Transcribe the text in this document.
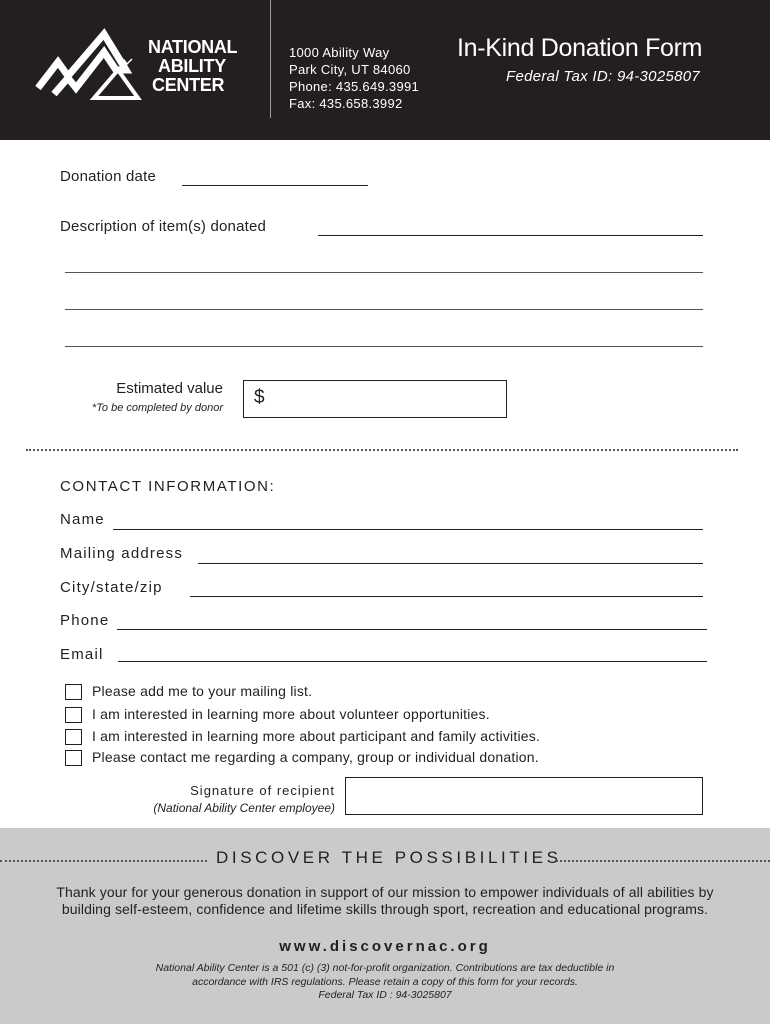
NATIONAL
ABILITY
CENTER
1000 Ability Way
Park City, UT 84060
Phone: 435.649.3991
Fax: 435.658.3992
In-Kind Donation Form
Federal Tax ID: 94-3025807
Donation date
Description of item(s) donated
Estimated value
*To be completed by donor $
CONTACT INFORMATION:
Name
Mailing address
City/state/zip
Phone
Email
Please add me to your mailing list.
I am interested in learning more about volunteer opportunities.
I am interested in learning more about participant and family activities.
Please contact me regarding a company, group or individual donation.
Signature of recipient
(National Ability Center employee)
DISCOVER THE POSSIBILITIES
Thank your for your generous donation in support of our mission to empower individuals of all abilities by building self-esteem, confidence and lifetime skills through sport, recreation and educational programs.
www.discovernac.org
National Ability Center is a 501 (c) (3) not-for-profit organization. Contributions are tax deductible in
accordance with IRS regulations. Please retain a copy of this form for your records.
Federal Tax ID : 94-3025807
